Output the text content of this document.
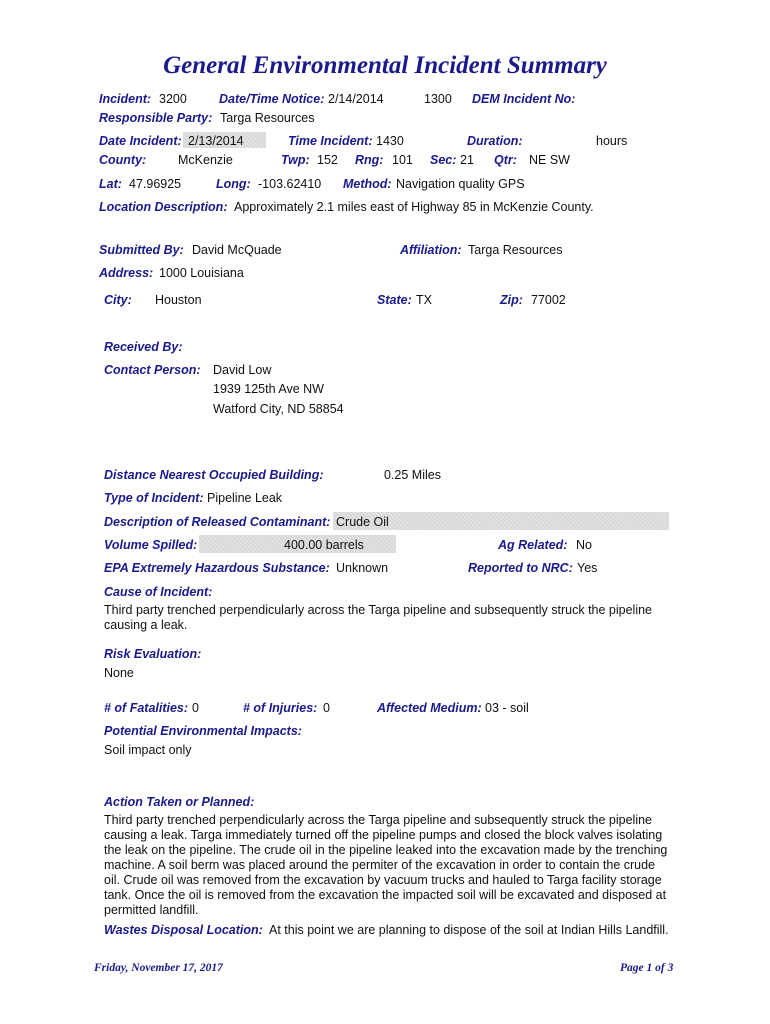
General Environmental Incident Summary
Incident: 3200	Date/Time Notice: 2/14/2014	1300 DEM Incident No:
Responsible Party: Targa Resources
Date Incident: 2/13/2014	Time Incident: 1430	Duration:	hours
County:	McKenzie	Twp: 152 Rng: 101 Sec: 21 Qtr: NE SW
Lat: 47.96925	Long: -103.62410 Method: Navigation quality GPS
Location Description: Approximately 2.1 miles east of Highway 85 in McKenzie County.
Submitted By: David McQuade	Affiliation: Targa Resources
Address: 1000 Louisiana
City: Houston	State: TX	Zip: 77002
Received By:
Contact Person: David Low
1939 125th Ave NW
Watford City, ND 58854
Distance Nearest Occupied Building:	0.25 Miles
Type of Incident: Pipeline Leak
Description of Released Contaminant: Crude Oil
Volume Spilled:	400.00 barrels	Ag Related: No
EPA Extremely Hazardous Substance: Unknown	Reported to NRC: Yes
Cause of Incident:
Third party trenched perpendicularly across the Targa pipeline and subsequently struck the pipeline causing a leak.
Risk Evaluation:
None
# of Fatalities: 0	# of Injuries: 0	Affected Medium: 03 - soil
Potential Environmental Impacts:
Soil impact only
Action Taken or Planned:
Third party trenched perpendicularly across the Targa pipeline and subsequently struck the pipeline causing a leak. Targa immediately turned off the pipeline pumps and closed the block valves isolating the leak on the pipeline. The crude oil in the pipeline leaked into the excavation made by the trenching machine. A soil berm was placed around the permiter of the excavation in order to contain the crude oil. Crude oil was removed from the excavation by vacuum trucks and hauled to Targa facility storage tank. Once the oil is removed from the excavation the impacted soil will be excavated and disposed at permitted landfill.
Wastes Disposal Location: At this point we are planning to dispose of the soil at Indian Hills Landfill.
Friday, November 17, 2017	Page 1 of 3
